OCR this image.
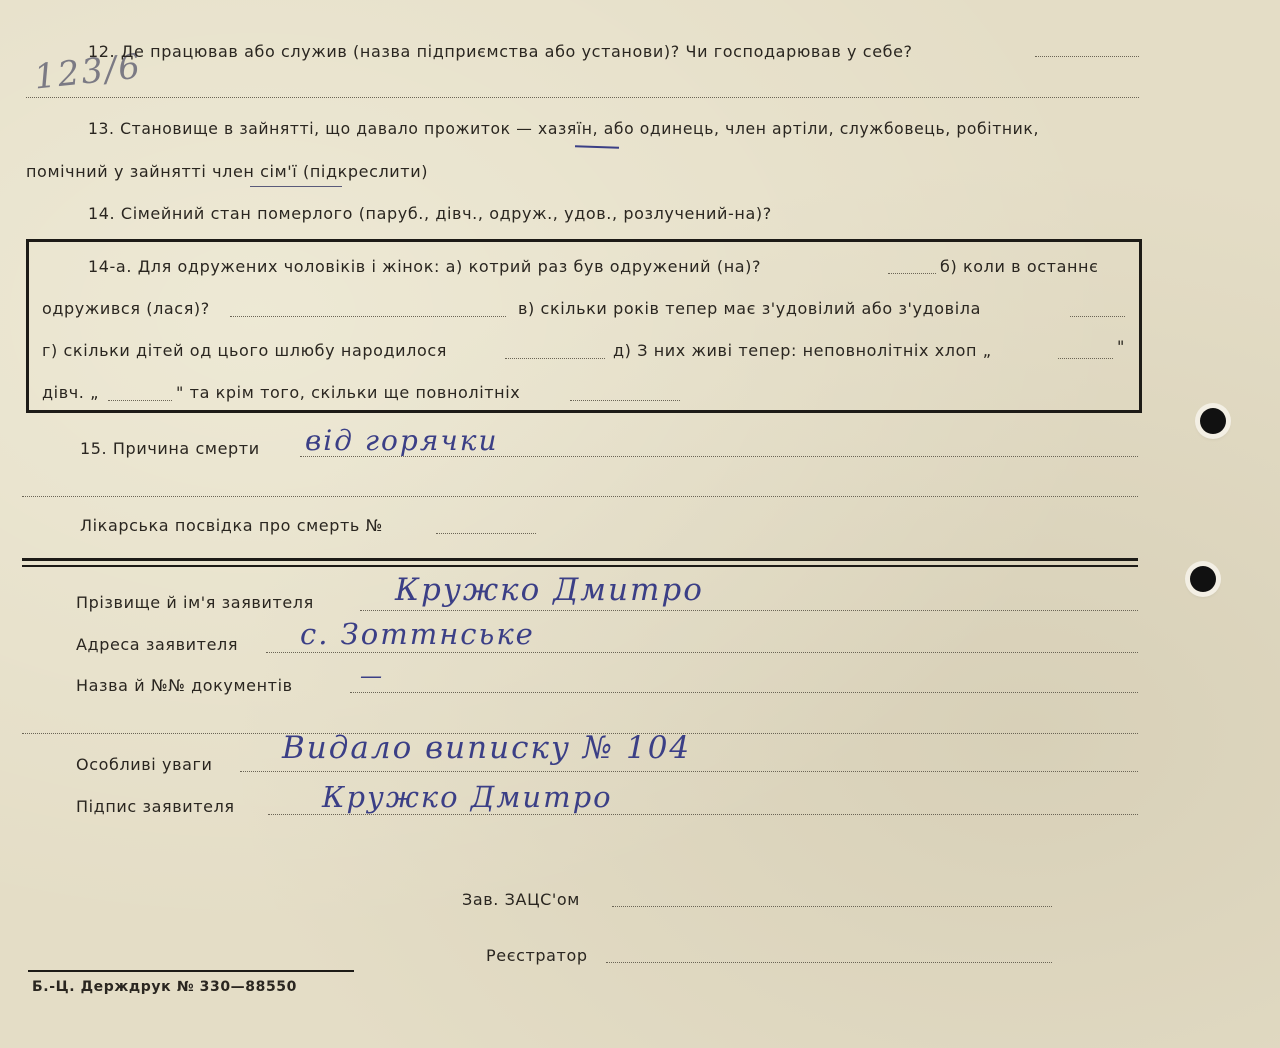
123/6
12. Де працював або служив (назва підприємства або установи)? Чи господарював у себе?
13. Становище в зайнятті, що давало прожиток — хазяїн, або одинець, член артіли, службовець, робітник,
помічний у зайнятті член сім'ї (підкреслити)
14. Сімейний стан померлого (паруб., дівч., одруж., удов., розлучений-на)?
14-а. Для одружених чоловіків і жінок: а) котрий раз був одружений (на)?	б) коли в останнє
одружився (лася)?	в) скільки років тепер має з'удовілий або з'удовіла
г) скільки дітей од цього шлюбу народилося	д) З них живі тепер: неповнолітніх хлоп „	"
дівч. „	" та крім того, скільки ще повнолітніх
15. Причина смерти від горячки
Лікарська посвідка про смерть №
Прізвище й ім'я заявителя	Кружко Дмитро
Адреса заявителя с. Зоттнське
Назва й №№ документів	—
Особливі уваги Видало виписку № 104
Підпис заявителя	Кружко Дмитро
Зав. ЗАЦС'ом
Реєстратор
Б.-Ц. Держдрук № 330—88550
